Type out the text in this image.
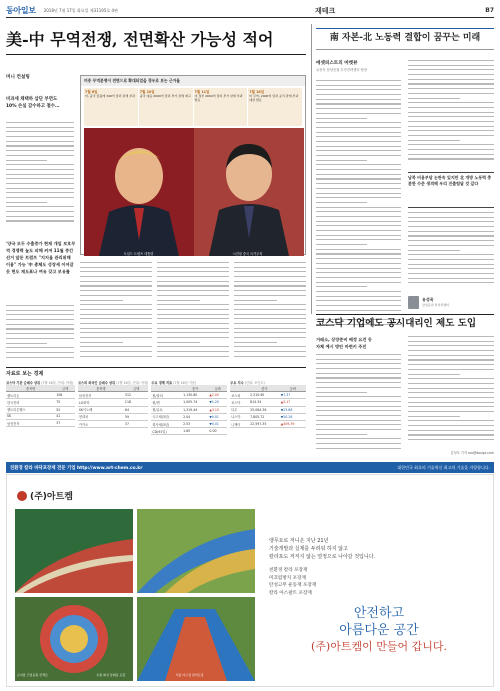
동아일보 2018년 7월 17일 화요일 제31195호 4판	재테크	B7
美-中 무역전쟁, 전면확산 가능성 적어
머니 컨설팅
비과세 채택하 삼단 부면도
10% 손실 감수하고 철수…
미중 무역분쟁이 전면으로 확대되었을 경우로 보는 근거들
7월 6일
미, 중국 물품에 340억 달러 관세 부과
7월 10일
중국 대응 2000억 달러 추가 관세 예고
7월 11일
미 정부 2000억 달러 추가 관세 부과 발표
7월 16일
미 무역, 2000억 달러 공식 관세 부과 대상 발표
도널드 트럼프 대통령	시진핑 중국 국가주석
'양국 모두 수출증가 현재 개입 보호무역 경쟁력 높도 피해 커져 11월 중간선거 앞둔 트럼프 "지지율 관리위해 이용" 가능 '中 총체도 성장세 이어갈듯 헌도 재도표나 여유 갖고 보유를
南 자본-北 노동력 결합이 꿈꾸는 미래
에셋피스트의 마켓뷰
유성욱 삼성증권 투자전략센터 팀장
남북 비용부담 논란속 있지만 北 개방 노동력 충분한 수준 생격해 우리 진출팀달 것 같다
유성욱
삼성증권 리서치센터
코스닥 기업에도 공시대리인 제도 도입
거래소, 상장준비 배정 요건 등
자체 예시 방안 마련키 주진
김성모 기자 mo@donga.com
자료로 보는 경제
코스닥 기관 순매수 상위 (7월 16일, 단위: 억원)
종목명	금액
셀트리온	108
한국전력	75
셀트리온헬스	52
SK	41
삼성전자	37
코스피 외국인 순매수 상위 (7월 16일, 단위: 억원)
종목명	금액
삼성전자	312
LG화학	118
SK이노베	64
현대차	59
카카오	37
주요 경제 지표 (7월 16일 기준)
	종가	등락
원/달러	1,130.80	▲2.00
원/엔	1,005.74	▼1.20
원/유로	1,319.44	▲3.10
국고채(3년)	2.04	▼0.01
회사채(3년)	2.53	▼0.01
CD(91일)	1.65	0.00
주요 지수 (단위: 포인트)
	종가	등락
코스피	2,310.90	▼7.37
코스닥	814.34	▲5.17
다우	25,064.36	▼23.86
나스닥	7,805.72	▼20.26
니케이	22,597.35	▲409.39
친환경 칼라 바닥포장재 전문 기업 http://www.art-chem.co.kr	대한민국 최초의 기술혁신 최고의 기술을 자랑합니다.
(주)아트켐
곤지암 근린공원 산책로	수원 화성 둘레길 포장	서울 야구장 칼라포장
앵무요로 저니온 지난 21년
기술개발과 실제를 두려워 하지 않고
칼라포도 저저지 않는 열정으로 나아갈 것입니다.
친환경 칼라 포장재
미끄럼방지 포장재
탄성고무 운동재 포장재
칼라 아스팔트 포장재
안전하고
아름다운 공간
(주)아트켐이 만들어 갑니다.
